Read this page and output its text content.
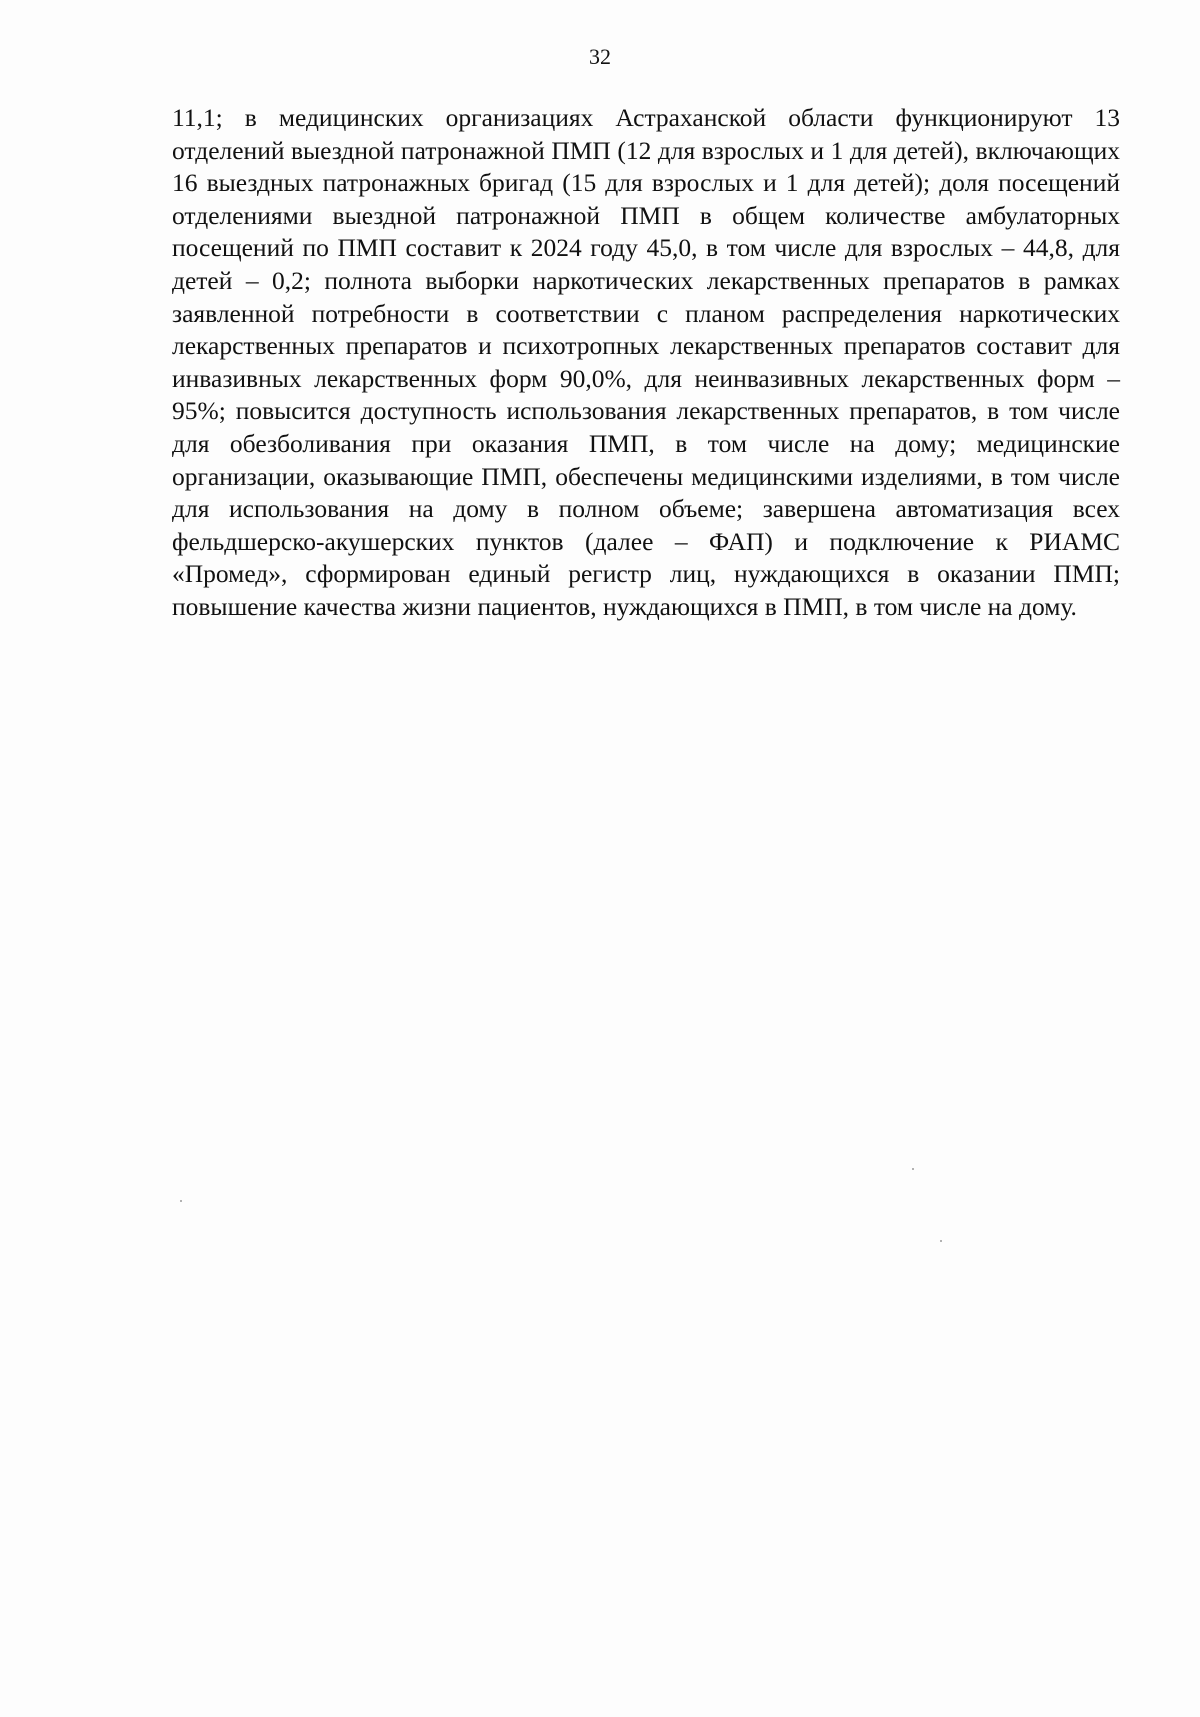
32

11,1; в медицинских организациях Астраханской области функционируют 13 отделений выездной патронажной ПМП (12 для взрослых и 1 для детей), включающих 16 выездных патронажных бригад (15 для взрослых и 1 для детей); доля посещений отделениями выездной патронажной ПМП в общем количестве амбулаторных посещений по ПМП составит к 2024 году 45,0, в том числе для взрослых – 44,8, для детей – 0,2; полнота выборки наркотических лекарственных препаратов в рамках заявленной потребности в соответствии с планом распределения наркотических лекарственных препаратов и психотропных лекарственных препаратов составит для инвазивных лекарственных форм 90,0%, для неинвазивных лекарственных форм – 95%; повысится доступность использования лекарственных препаратов, в том числе для обезболивания при оказания ПМП, в том числе на дому; медицинские организации, оказывающие ПМП, обеспечены медицинскими изделиями, в том числе для использования на дому в полном объеме; завершена автоматизация всех фельдшерско-акушерских пунктов (далее – ФАП) и подключение к РИАМС «Промед», сформирован единый регистр лиц, нуждающихся в оказании ПМП; повышение качества жизни пациентов, нуждающихся в ПМП, в том числе на дому.
